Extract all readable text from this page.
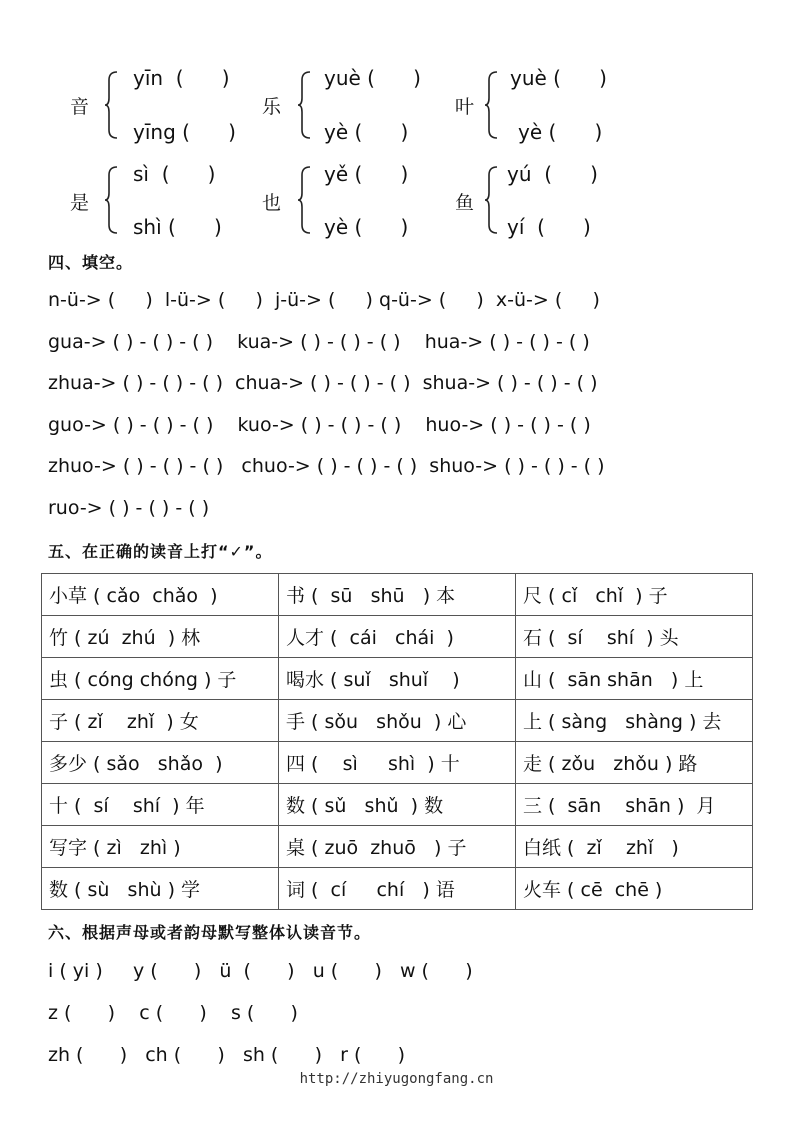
音
yīn  (      )
yīng (      )
乐
yuè (      )
yè (      )
叶
yuè (      )
yè (      )
是
sì  (      )
shì (      )
也
yě (      )
yè (      )
鱼
yú  (      )
yí  (      )
四、填空。
n-ü-> (     )  l-ü-> (     )  j-ü-> (     ) q-ü-> (     )  x-ü-> (     )
gua-> ( ) - ( ) - ( )    kua-> ( ) - ( ) - ( )    hua-> ( ) - ( ) - ( )
zhua-> ( ) - ( ) - ( )  chua-> ( ) - ( ) - ( )  shua-> ( ) - ( ) - ( )
guo-> ( ) - ( ) - ( )    kuo-> ( ) - ( ) - ( )    huo-> ( ) - ( ) - ( )
zhuo-> ( ) - ( ) - ( )   chuo-> ( ) - ( ) - ( )  shuo-> ( ) - ( ) - ( )
ruo-> ( ) - ( ) - ( )
五、在正确的读音上打“✓”。
小草 ( cǎo  chǎo  )	书 (  sū   shū   ) 本	尺 ( cǐ   chǐ  ) 子
竹 ( zú  zhú  ) 林	人才 (  cái   chái  )	石 (  sí    shí  ) 头
虫 ( cóng chóng ) 子	喝水 ( suǐ   shuǐ    )	山 (  sān shān   ) 上
子 ( zǐ    zhǐ  ) 女	手 ( sǒu   shǒu  ) 心	上 ( sàng   shàng ) 去
多少 ( sǎo   shǎo  )	四 (    sì     shì  ) 十	走 ( zǒu   zhǒu ) 路
十 (  sí    shí  ) 年	数 ( sǔ   shǔ  ) 数	三 (  sān    shān )  月
写字 ( zì   zhì )	桌 ( zuō  zhuō   ) 子	白纸 (  zǐ    zhǐ   )
数 ( sù   shù ) 学	词 (  cí     chí   ) 语	火车 ( cē  chē )
六、根据声母或者韵母默写整体认读音节。
i ( yi )     y (      )   ü  (      )   u (      )   w (      )
z (      )    c (      )    s (      )
zh (      )   ch (      )   sh (      )   r (      )
http://zhiyugongfang.cn
